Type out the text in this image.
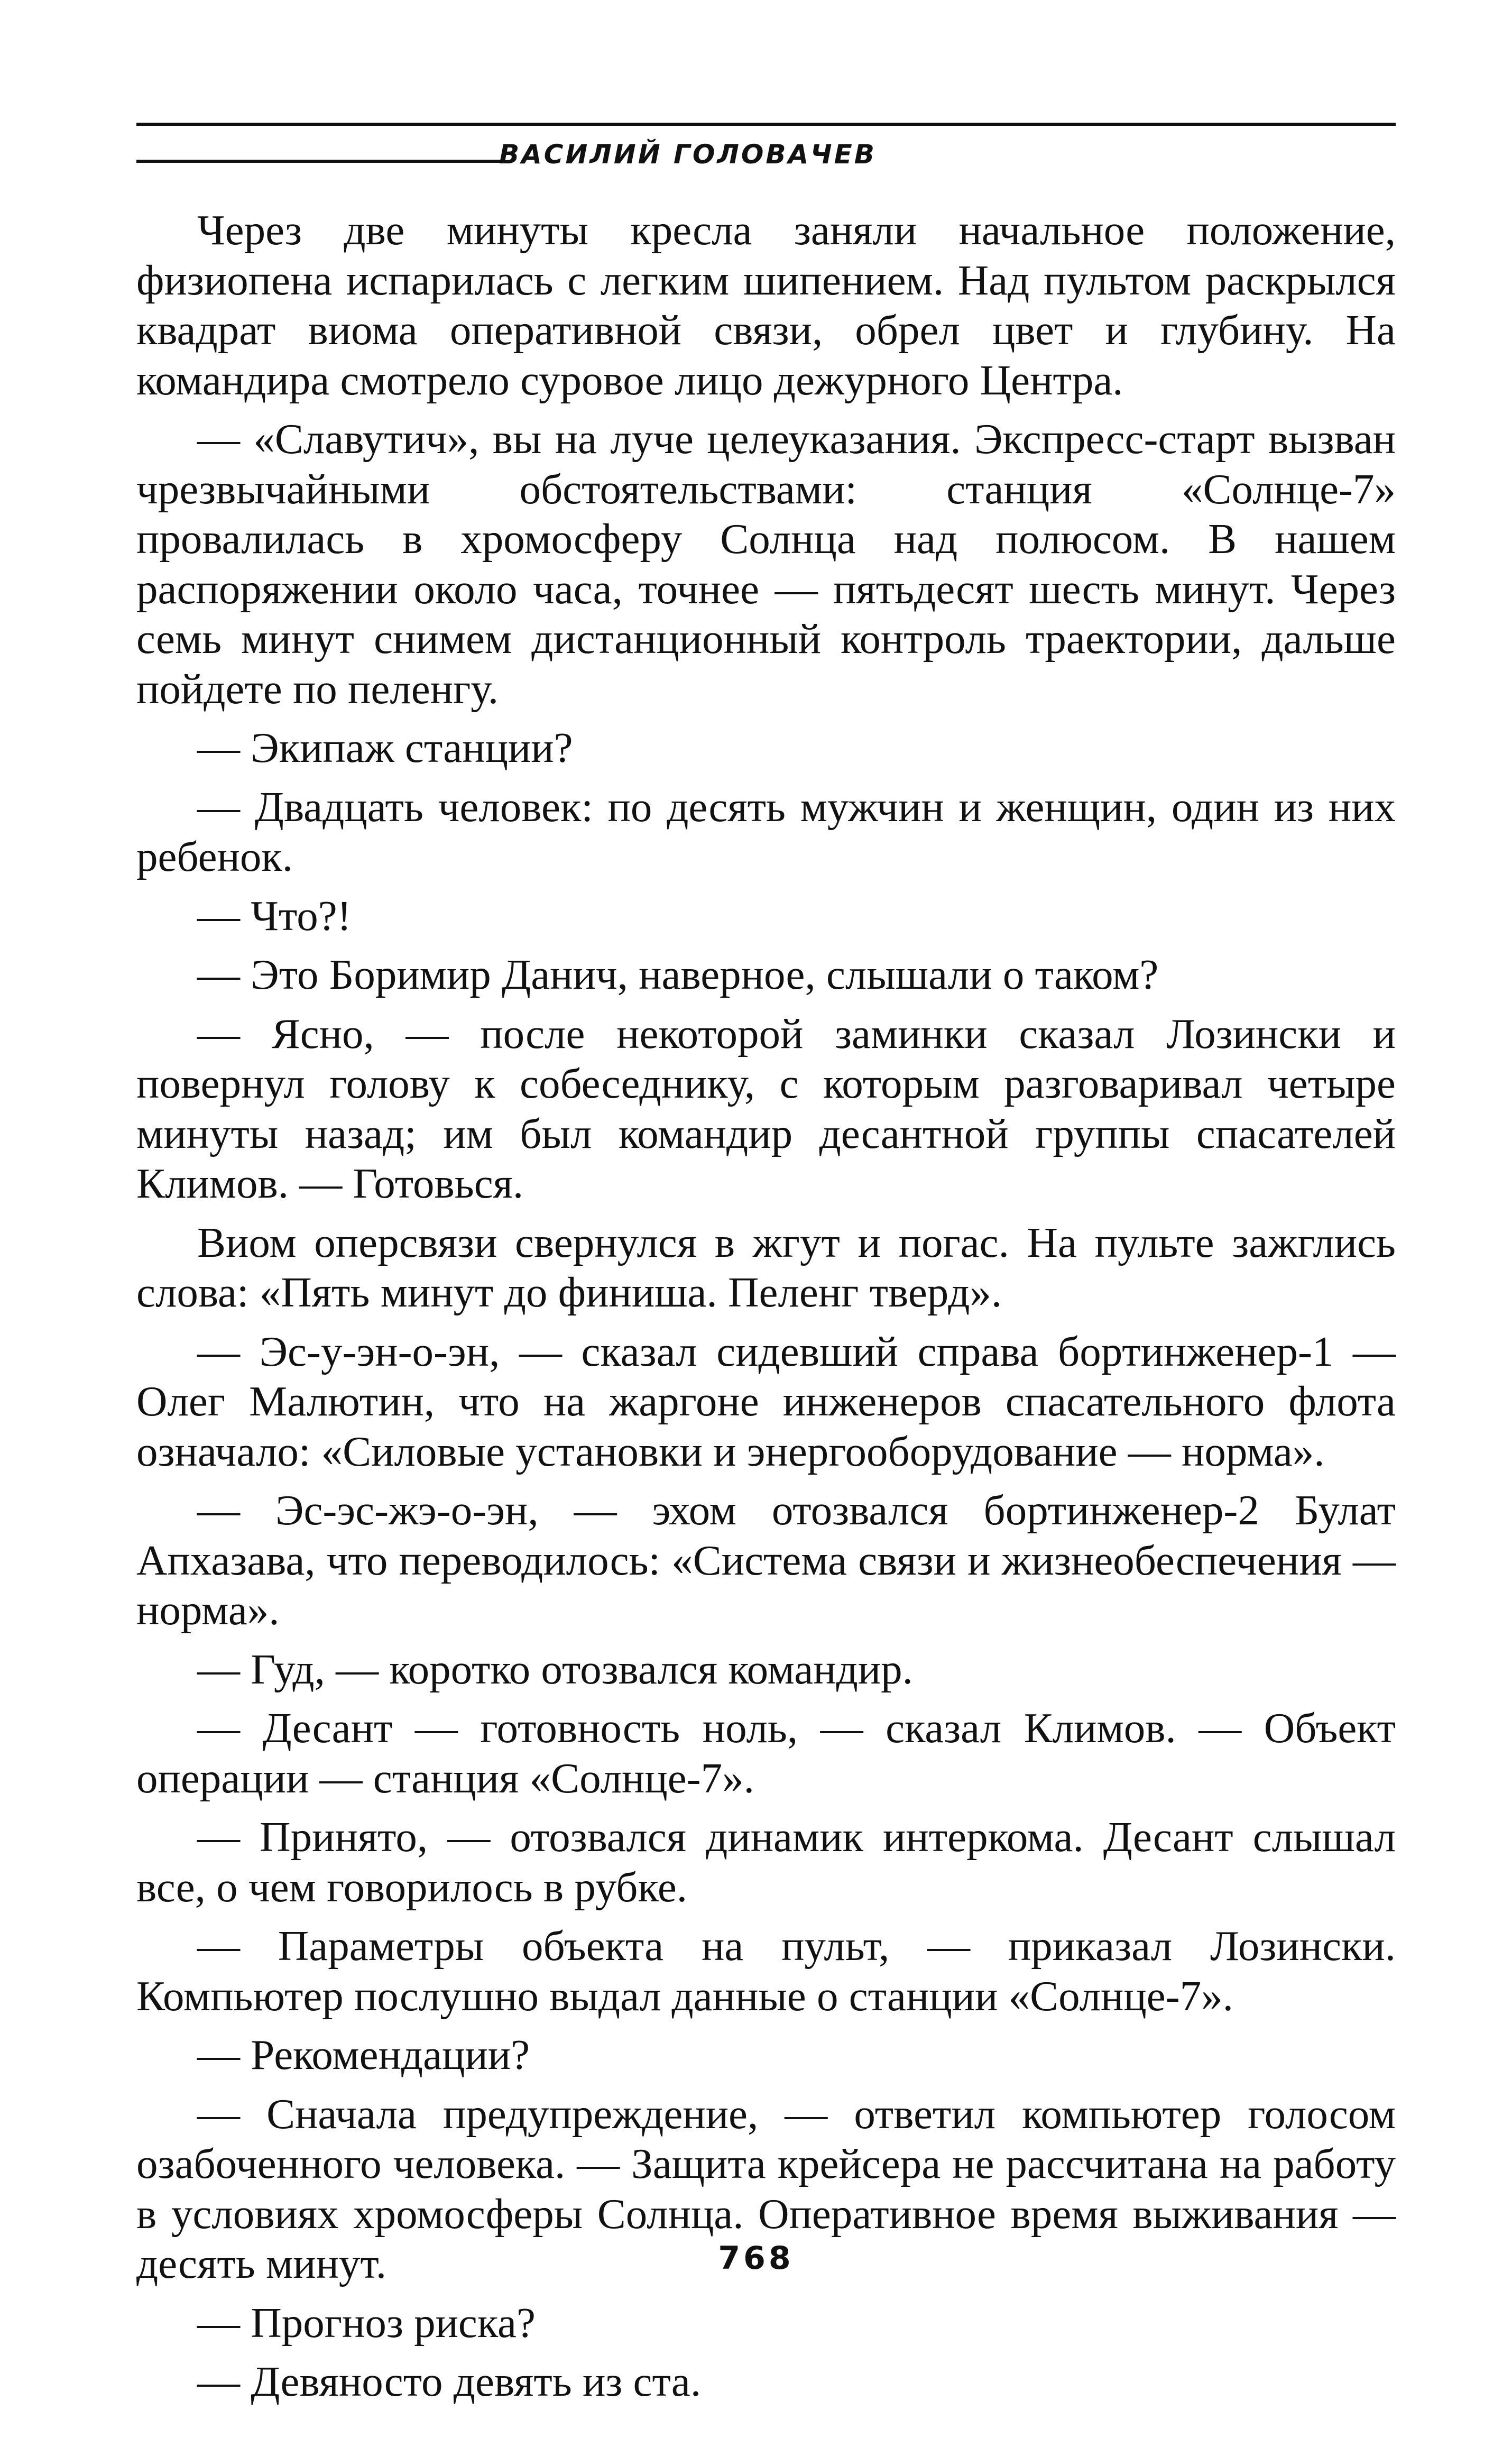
ВАСИЛИЙ ГОЛОВАЧЕВ

Через две минуты кресла заняли начальное положение, физиопена испарилась с легким шипением. Над пультом раскрылся квадрат виома оперативной связи, обрел цвет и глубину. На командира смотрело суровое лицо дежурного Центра.

— «Славутич», вы на луче целеуказания. Экспресс-старт вызван чрезвычайными обстоятельствами: станция «Солнце-7» провалилась в хромосферу Солнца над полюсом. В нашем распоряжении около часа, точнее — пятьдесят шесть минут. Через семь минут снимем дистанционный контроль траектории, дальше пойдете по пеленгу.

— Экипаж станции?

— Двадцать человек: по десять мужчин и женщин, один из них ребенок.

— Что?!

— Это Боримир Данич, наверное, слышали о таком?

— Ясно, — после некоторой заминки сказал Лозински и повернул голову к собеседнику, с которым разговаривал четыре минуты назад; им был командир десантной группы спасателей Климов. — Готовься.

Виом оперсвязи свернулся в жгут и погас. На пульте зажглись слова: «Пять минут до финиша. Пеленг тверд».

— Эс-у-эн-о-эн, — сказал сидевший справа бортинженер-1 — Олег Малютин, что на жаргоне инженеров спасательного флота означало: «Силовые установки и энергооборудование — норма».

— Эс-эс-жэ-о-эн, — эхом отозвался бортинженер-2 Булат Апхазава, что переводилось: «Система связи и жизнеобеспечения — норма».

— Гуд, — коротко отозвался командир.

— Десант — готовность ноль, — сказал Климов. — Объект операции — станция «Солнце-7».

— Принято, — отозвался динамик интеркома. Десант слышал все, о чем говорилось в рубке.

— Параметры объекта на пульт, — приказал Лозински. Компьютер послушно выдал данные о станции «Солнце-7».

— Рекомендации?

— Сначала предупреждение, — ответил компьютер голосом озабоченного человека. — Защита крейсера не рассчитана на работу в условиях хромосферы Солнца. Оперативное время выживания — десять минут.

— Прогноз риска?

— Девяносто девять из ста.

768
